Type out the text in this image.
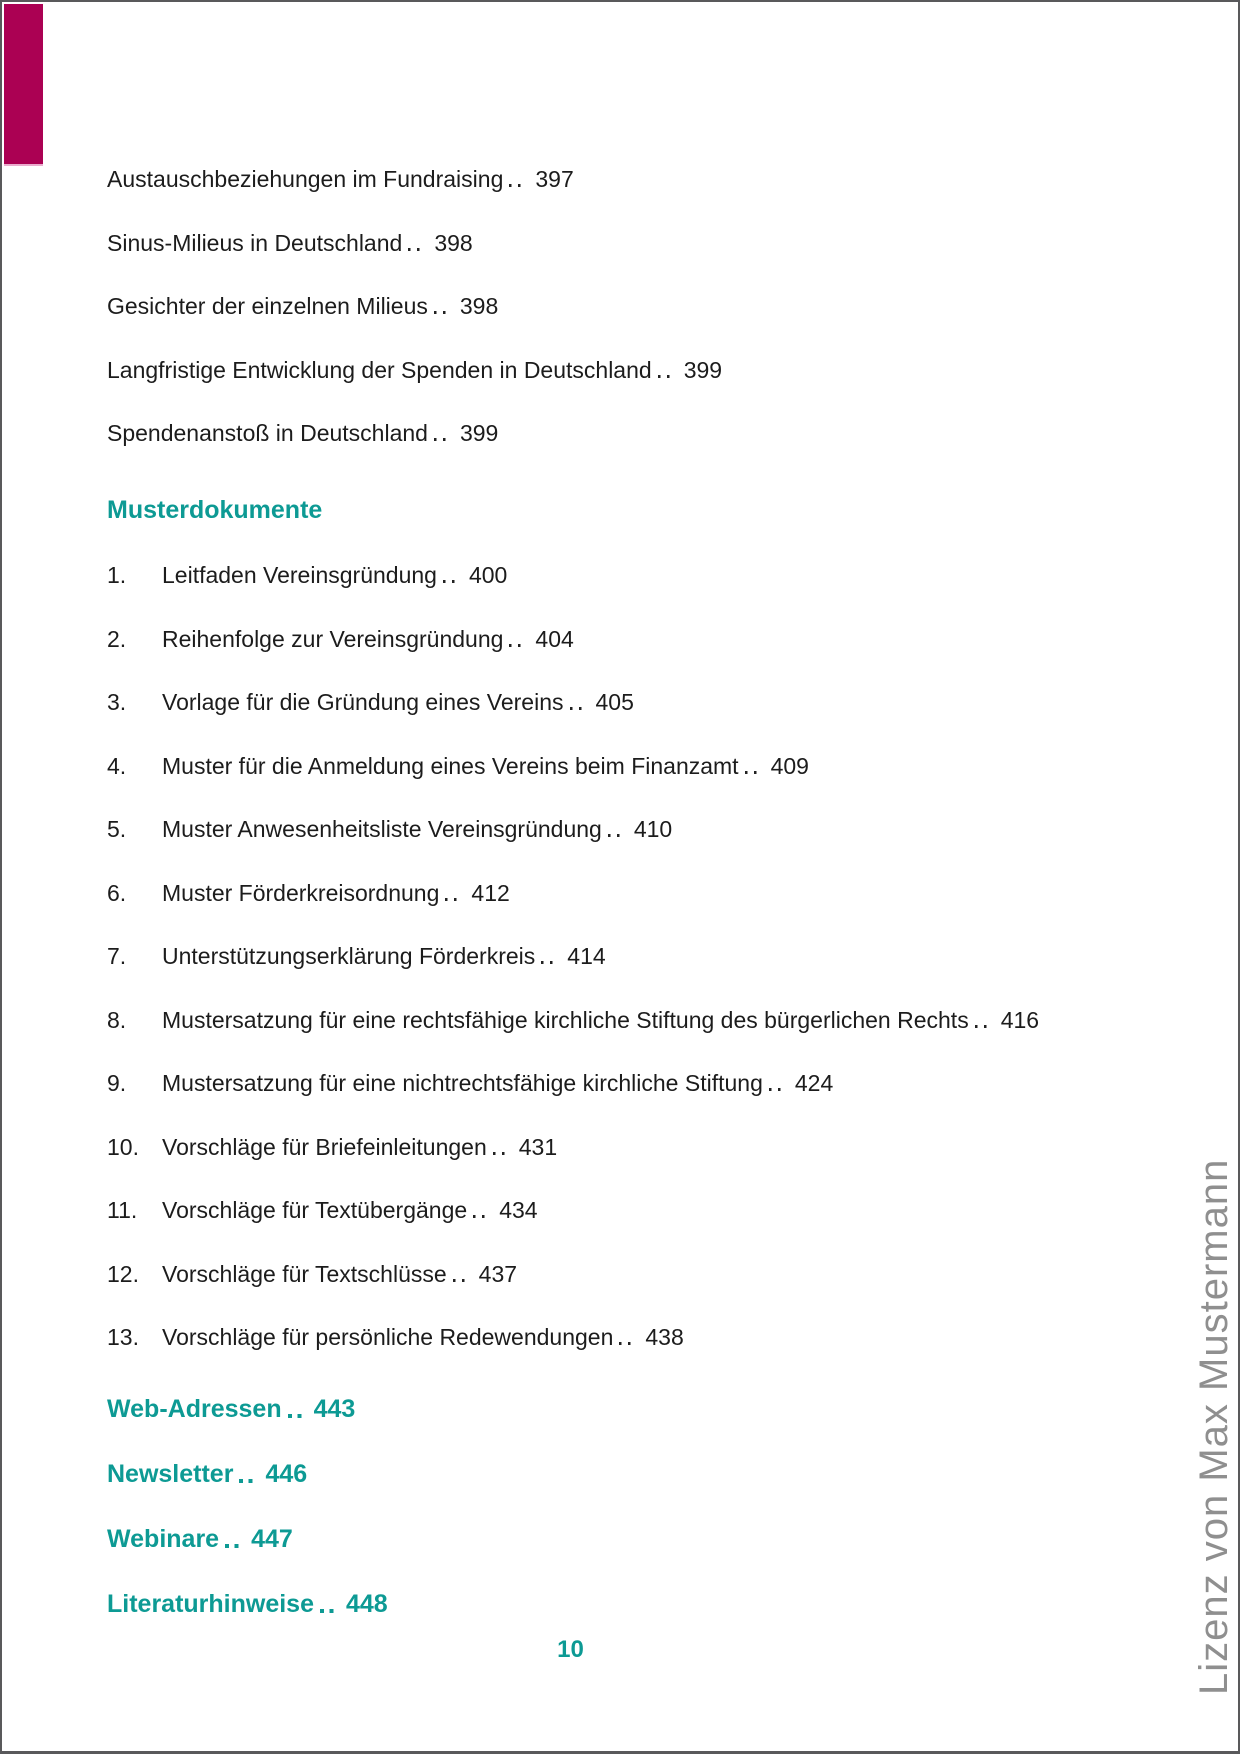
Austauschbeziehungen im Fundraising 397
Sinus-Milieus in Deutschland 398
Gesichter der einzelnen Milieus 398
Langfristige Entwicklung der Spenden in Deutschland 399
Spendenanstoß in Deutschland 399
Musterdokumente
1.	Leitfaden Vereinsgründung 400
2.	Reihenfolge zur Vereinsgründung 404
3.	Vorlage für die Gründung eines Vereins 405
4.	Muster für die Anmeldung eines Vereins beim Finanzamt 409
5.	Muster Anwesenheitsliste Vereinsgründung 410
6.	Muster Förderkreisordnung 412
7.	Unterstützungserklärung Förderkreis 414
8.	Mustersatzung für eine rechtsfähige kirchliche Stiftung des bürgerlichen Rechts 416
9.	Mustersatzung für eine nichtrechtsfähige kirchliche Stiftung 424
10.	Vorschläge für Briefeinleitungen 431
11.	Vorschläge für Textübergänge 434
12.	Vorschläge für Textschlüsse 437
13.	Vorschläge für persönliche Redewendungen 438
Web-Adressen 443
Newsletter 446
Webinare 447
Literaturhinweise 448
10	Lizenz von Max Mustermann
